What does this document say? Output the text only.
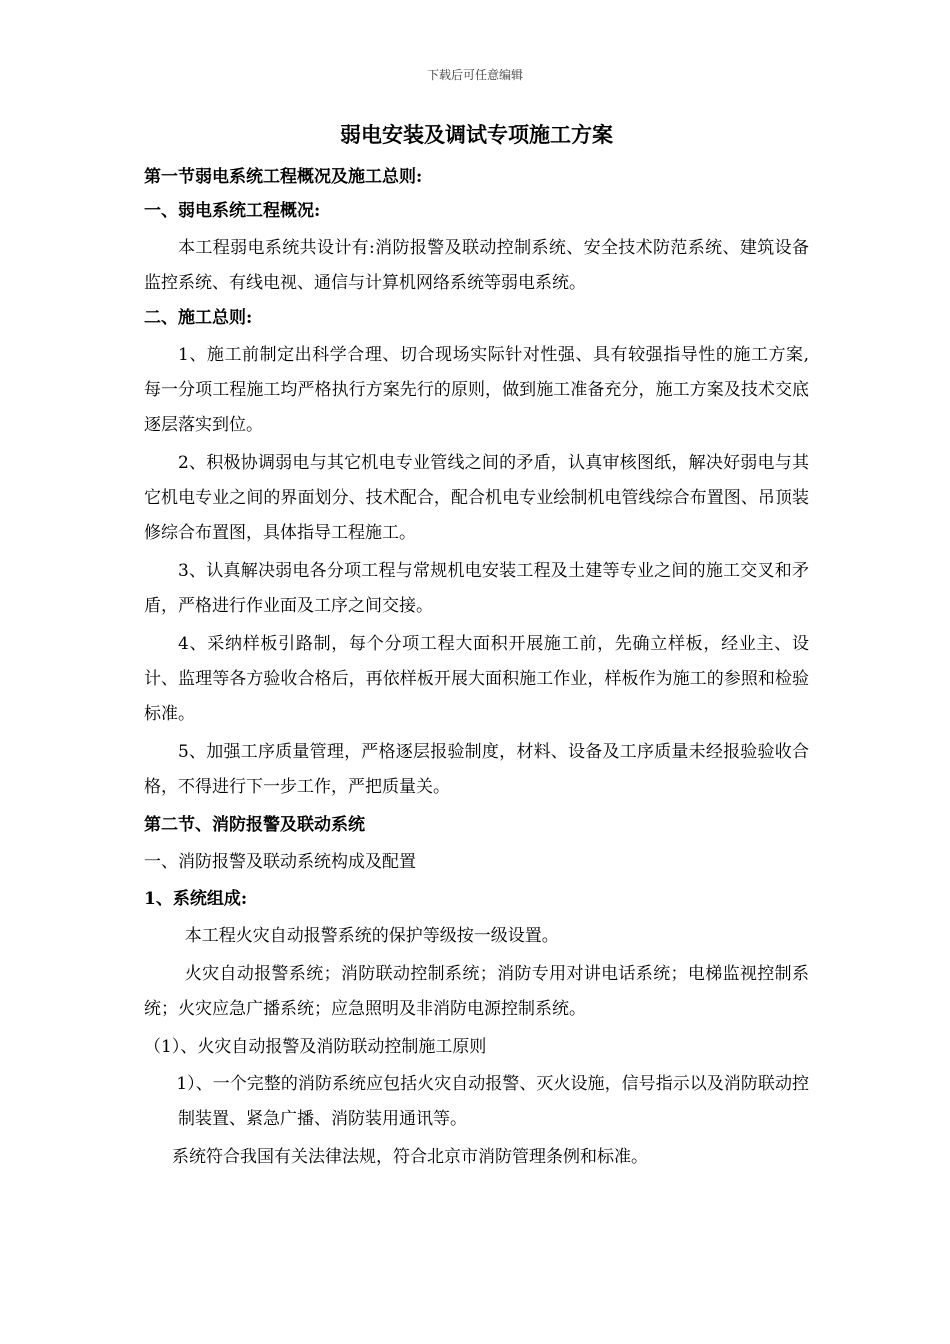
下载后可任意编辑
弱电安装及调试专项施工方案
第一节弱电系统工程概况及施工总则:
一、弱电系统工程概况:
本工程弱电系统共设计有:消防报警及联动控制系统、安全技术防范系统、建筑设备监控系统、有线电视、通信与计算机网络系统等弱电系统。
二、施工总则:
1、施工前制定出科学合理、切合现场实际针对性强、具有较强指导性的施工方案, 每一分项工程施工均严格执行方案先行的原则，做到施工准备充分，施工方案及技术交底逐层落实到位。
2、积极协调弱电与其它机电专业管线之间的矛盾，认真审核图纸，解决好弱电与其它机电专业之间的界面划分、技术配合，配合机电专业绘制机电管线综合布置图、吊顶装修综合布置图，具体指导工程施工。
3、认真解决弱电各分项工程与常规机电安装工程及土建等专业之间的施工交叉和矛盾，严格进行作业面及工序之间交接。
4、采纳样板引路制，每个分项工程大面积开展施工前，先确立样板，经业主、设计、监理等各方验收合格后，再依样板开展大面积施工作业，样板作为施工的参照和检验标准。
5、加强工序质量管理，严格逐层报验制度，材料、设备及工序质量未经报验验收合格，不得进行下一步工作，严把质量关。
第二节、消防报警及联动系统
一、消防报警及联动系统构成及配置
1、系统组成:
本工程火灾自动报警系统的保护等级按一级设置。
火灾自动报警系统；消防联动控制系统；消防专用对讲电话系统；电梯监视控制系统；火灾应急广播系统；应急照明及非消防电源控制系统。
（1）、火灾自动报警及消防联动控制施工原则
1）、一个完整的消防系统应包括火灾自动报警、灭火设施，信号指示以及消防联动控制装置、紧急广播、消防装用通讯等。
系统符合我国有关法律法规，符合北京市消防管理条例和标准。
